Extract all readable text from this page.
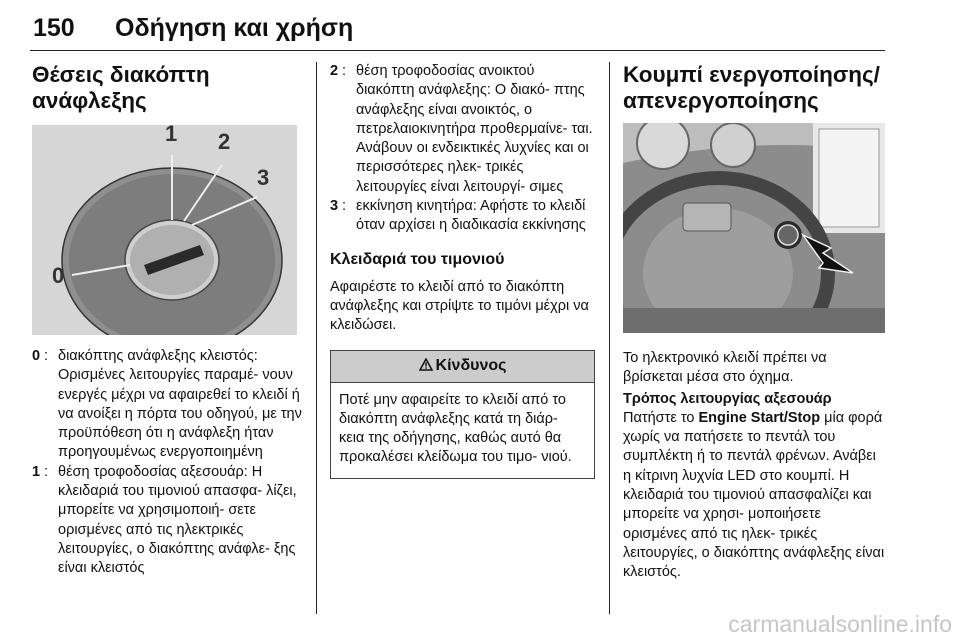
150 Οδήγηση και χρήση
Θέσεις διακόπτη ανάφλεξης
1 2
3
0
0 : διακόπτης ανάφλεξης κλειστός: Ορισμένες λειτουργίες παραμέ- νουν ενεργές μέχρι να αφαιρεθεί το κλειδί ή να ανοίξει η πόρτα του οδηγού, με την προϋπόθεση ότι η ανάφλεξη ήταν προηγουμένως ενεργοποιημένη
1 : θέση τροφοδοσίας αξεσουάρ: Η κλειδαριά του τιμονιού απασφα- λίζει, μπορείτε να χρησιμοποιή- σετε ορισμένες από τις ηλεκτρικές λειτουργίες, ο διακόπτης ανάφλε- ξης είναι κλειστός
2 : θέση τροφοδοσίας ανοικτού διακόπτη ανάφλεξης: Ο διακό- πτης ανάφλεξης είναι ανοικτός, ο πετρελαιοκινητήρα προθερμαίνε- ται. Ανάβουν οι ενδεικτικές λυχνίες και οι περισσότερες ηλεκ- τρικές λειτουργίες είναι λειτουργί- σιμες
3 : εκκίνηση κινητήρα: Αφήστε το κλειδί όταν αρχίσει η διαδικασία εκκίνησης
Κλειδαριά του τιμονιού

Αφαιρέστε το κλειδί από το διακόπτη ανάφλεξης και στρίψτε το τιμόνι μέχρι να κλειδώσει.

Κίνδυνος
Ποτέ μην αφαιρείτε το κλειδί από το διακόπτη ανάφλεξης κατά τη διάρ- κεια της οδήγησης, καθώς αυτό θα προκαλέσει κλείδωμα του τιμο- νιού.
Κουμπί ενεργοποίησης/ απενεργοποίησης

Το ηλεκτρονικό κλειδί πρέπει να βρίσκεται μέσα στο όχημα.

Τρόπος λειτουργίας αξεσουάρ

Πατήστε το Engine Start/Stop μία φορά χωρίς να πατήσετε το πεντάλ του συμπλέκτη ή το πεντάλ φρένων. Ανάβει η κίτρινη λυχνία LED στο κουμπί. Η κλειδαριά του τιμονιού απασφαλίζει και μπορείτε να χρησι- μοποιήσετε ορισμένες από τις ηλεκ- τρικές λειτουργίες, ο διακόπτης ανάφλεξης είναι κλειστός.

carmanualsonline.info
